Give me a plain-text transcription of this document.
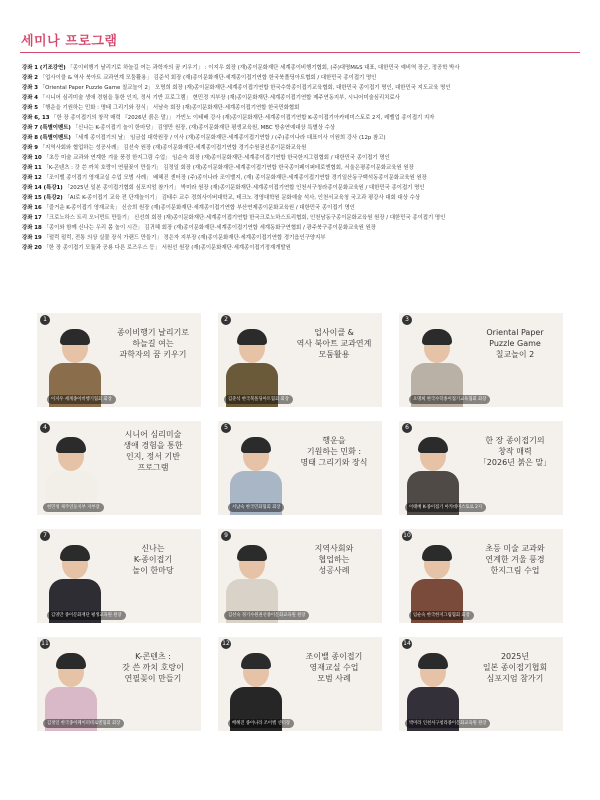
세미나 프로그램
강좌 1 (기조강연) 「종이비행기 날리기로 하늘길 여는 과학자의 꿈 키우기」 : 이지우 회장 (재)종이문화재단 세계종이비행기협회, (주)대명M&S 대표, 대한민국 예비역 장군, 정공학 박사
강좌 2 「업사이클 & 역사 북아트 교과연계 모둠활용」 김준석 회장 (재)종이문화재단·세계종이접기연합 한국북폴딩아트협회 / 대한민국 종이접기 명인
강좌 3 「Oriental Paper Puzzle Game 칠교놀이 2」 오명희 회장 (재)종이문화재단·세계종이접기연합 한국수학종이접기교육협회, 대한민국 종이접기 명인, 대한민국 지도교육 명인
강좌 4 「시니어 심리미술 생애 경험을 통한 인지, 정서 기반 프로그램」 현민정 지부장 (재)종이문화재단·세계종이접기연합 제주연동지부, 시니어미술심리치료사
강좌 5 「행운을 기원하는 민화 : 명태 그리기와 장식」 서남숙 회장 (재)종이문화재단·세계종이접기연합 한국민화협회
강좌 6, 13 「한 장 종이접기의 창작 매력 『2026년 붉은 말』」 가빈노 이태배 강사 (재)종이문화재단·세계종이접기연합 K-종이접기아카데미스토로 2지, 레벨업 종이접기 지자
강좌 7 (특별이벤트) 「신나는 K-종이접기 놀이 한마당」 김영만 원장, (재)종이문화재단 평생교육원, MBC 방송연예대상 특별상 수상
강좌 8 (특별이벤트) 「세계 종이접기의 날」 임금섭 대학원장 / 이사 (재)종이문화재단·세계종이접기연합 / (주)종이나라 대표이사 이원희 강사 (12p 참고)
강좌 9 「지역사회와 협업하는 성공사례」 김선숙 원장 (재)종이문화재단·세계종이접기연합 경기수원권선종이문화교육원
강좌 10 「초등 미술 교과와 연계한 겨울 풍경 한지그림 수업」 임순숙 회장 (재)종이문화재단·세계종이접기연합 한국한지그림협회 / 대한민국 종이접기 명인
강좌 11 「K-콘텐츠 : 갓 쓴 까치 호랑이 연필꽂이 만들기」 김정일 회장 (재)종이문화재단·세계종이접기연합 한국종이페이퍼테로엔협회, 서울은평종이문화교육원 원장
강좌 12 「조이밸 종이접기 영재교실 수업 모범 사례」 배혜진 센터장 (주)종이나라 조이밸지, (재) 종이문화재단·세계종이접기연합 경기일산동구백석동종이문화교육원 원장
강좌 14 (특강1) 「2025년 일본 종이접기협회 심포지엄 참가기」 박미라 원장 (재)종이문화재단·세계종이접기연합 인천서구청라종이문화교육원 / 대한민국 종이접기 명인
강좌 15 (특강2) 「AI로 K-종이접기 교육 전 단계놀이기」 김태수 교수 경희사이버대학교, 테크노 경영대학원 문화예술 석사, 인천서교육청 국고과 평강사 대회 대상 수상
강좌 16 「즐거운 K-종이접기 영재교육」 신승희 원장 (재)종이문화재단·세계종이접기연합 부산연제종이문화교육원 / 대한민국 종이접기 명인
강좌 17 「크로노하스 트리 오너먼트 만들기」 신선희 회장 (재)종이문화재단·세계종이접기연합 한국크로노하스트리협회, 인천남동구종이문화교육원 원장 / 대한민국 종이접기 명인
강좌 18 「종이와 함께 신나는 우리 몸 놀이 시간」 김귀혜 회장 (재)종이문화재단·세계종이접기연합 세계동화구연협회 / 광주북구종이문화교육원 원장
강좌 19 「펄럭 펄럭, 전통 의상 실물 장식 가랜드 만들기」 정은자 지부장 (재)종이문화재단·세계종이접기연합 경기읍인구양지부
강좌 20 「한 장 종이접기 모듈과 공룡 다른 로즈우스 등」 서원선 원장 (재)종이문화재단·세계종이접기정재개발원
1
종이비행기 날리기로
하늘길 여는
과학자의 꿈 키우기
이지우 세계종이비행기협회 회장
2
업사이클 &
역사 북아트 교과연계
모둠활용
김준석 한국북폴딩아트협회 회장
3
Oriental Paper
Puzzle Game
칠교놀이 2
오명희 한국수학종이접기교육협회 회장
4
시니어 심리미술
생애 경험을 통한
인지, 정서 기반
프로그램
현민정 제주연동지부 지부장
5
행운을
기원하는 민화 :
명태 그리기와 장식
서남숙 한국민화협회 회장
6
한 장 종이접기의
창작 매력
「2026년 붉은 말」
이태배 K-종이접기 아카데미스토로 2지
7
신나는
K-종이접기
놀이 한마당
김영만 종이문화재단 평생교육원 원장
9
지역사회와
협업하는
성공사례
김선숙 경기수원권선종이문화교육원 원장
10
초등 미술 교과와
연계한 겨울 풍경
한지그림 수업
임순숙 한국한지그림협회 회장
11
K-콘텐츠 :
갓 쓴 까치 호랑이
연필꽂이 만들기
김정일 한국종이페이퍼테로엔협회 회장
12
조이밸 종이접기
영재교실 수업
모범 사례
배혜진 종이나라 조이밸 센터장
14
2025년
일본 종이접기협회
심포지엄 참가기
박미라 인천서구청라종이문화교육원 원장
